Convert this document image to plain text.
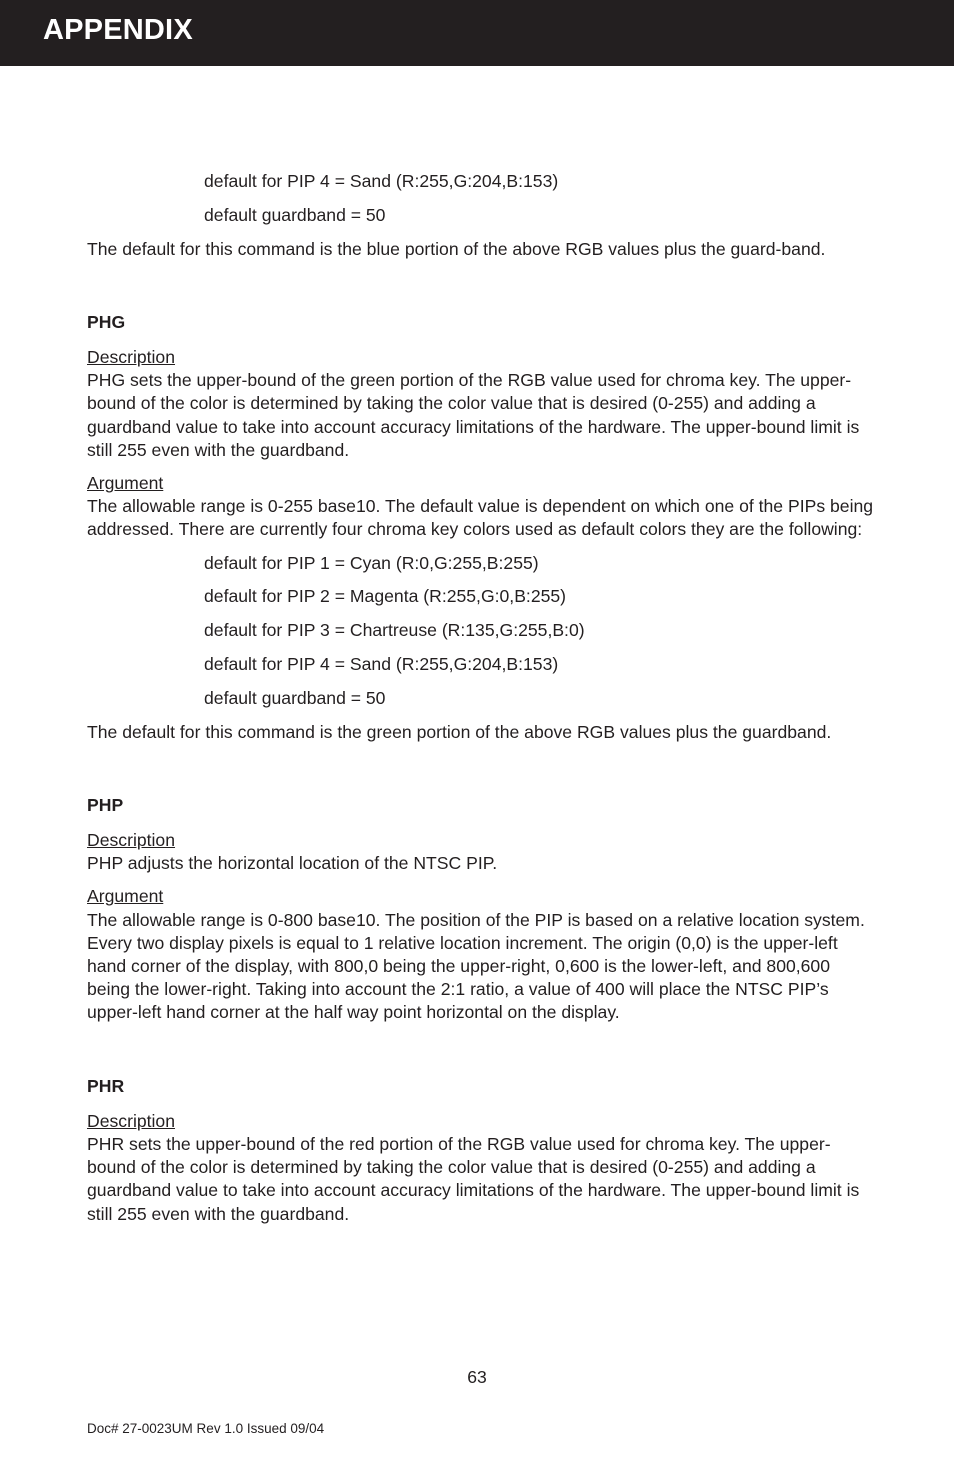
APPENDIX
default for PIP 4 = Sand (R:255,G:204,B:153)
default guardband = 50
The default for this command is the blue portion of the above RGB values plus the guard-band.
PHG
Description
PHG sets the upper-bound of the green portion of the RGB value used for chroma key. The upper-bound of the color is determined by taking the color value that is desired (0-255) and adding a guardband value to take into account accuracy limitations of the hardware. The upper-bound limit is still 255 even with the guardband.
Argument
The allowable range is 0-255 base10. The default value is dependent on which one of the PIPs being addressed. There are currently four chroma key colors used as default colors they are the following:
default for PIP 1 = Cyan (R:0,G:255,B:255)
default for PIP 2 = Magenta (R:255,G:0,B:255)
default for PIP 3 = Chartreuse (R:135,G:255,B:0)
default for PIP 4 = Sand (R:255,G:204,B:153)
default guardband = 50
The default for this command is the green portion of the above RGB values plus the guardband.
PHP
Description
PHP adjusts the horizontal location of the NTSC PIP.
Argument
The allowable range is 0-800 base10. The position of the PIP is based on a relative location system. Every two display pixels is equal to 1 relative location increment. The origin (0,0) is the upper-left hand corner of the display, with 800,0 being the upper-right, 0,600 is the lower-left, and 800,600 being the lower-right. Taking into account the 2:1 ratio, a value of 400 will place the NTSC PIP’s upper-left hand corner at the half way point horizontal on the display.
PHR
Description
PHR sets the upper-bound of the red portion of the RGB value used for chroma key. The upper-bound of the color is determined by taking the color value that is desired (0-255) and adding a guardband value to take into account accuracy limitations of the hardware. The upper-bound limit is still 255 even with the guardband.
63
Doc# 27-0023UM Rev 1.0 Issued 09/04
